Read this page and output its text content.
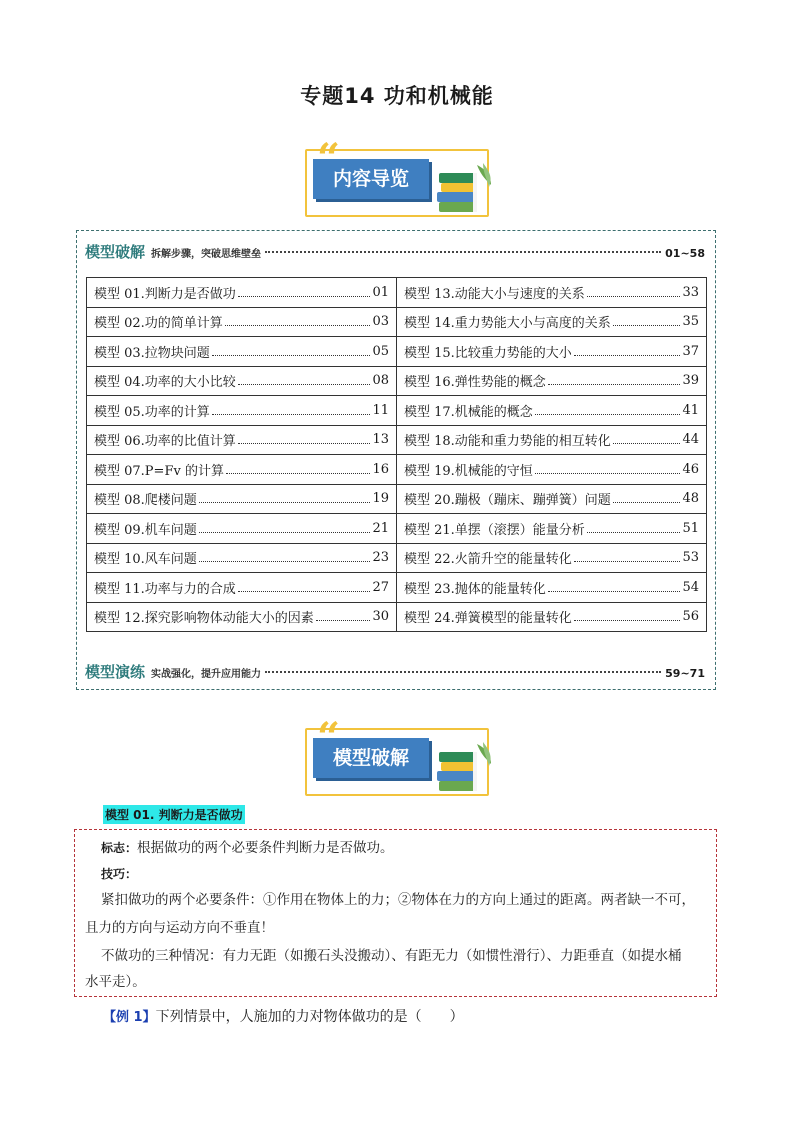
专题14 功和机械能
内容导览
模型破解 拆解步骤，突破思维壁垒	01~58
模型 01.判断力是否做功 01	模型 13.动能大小与速度的关系 33

模型 02.功的简单计算 03	模型 14.重力势能大小与高度的关系 35

模型 03.拉物块问题 05	模型 15.比较重力势能的大小 37

模型 04.功率的大小比较 08	模型 16.弹性势能的概念 39

模型 05.功率的计算 11	模型 17.机械能的概念 41

模型 06.功率的比值计算 13	模型 18.动能和重力势能的相互转化 44

模型 07.P=Fv 的计算 16	模型 19.机械能的守恒 46

模型 08.爬楼问题 19	模型 20.蹦极（蹦床、蹦弹簧）问题 48

模型 09.机车问题 21	模型 21.单摆（滚摆）能量分析 51

模型 10.风车问题 23	模型 22.火箭升空的能量转化 53

模型 11.功率与力的合成 27	模型 23.抛体的能量转化 54

模型 12.探究影响物体动能大小的因素 30	模型 24.弹簧模型的能量转化 56
模型演练 实战强化，提升应用能力	59~71
模型破解
模型 01. 判断力是否做功

标志：根据做功的两个必要条件判断力是否做功。

技巧：

紧扣做功的两个必要条件：①作用在物体上的力；②物体在力的方向上通过的距离。两者缺一不可，

且力的方向与运动方向不垂直！

不做功的三种情况：有力无距（如搬石头没搬动）、有距无力（如惯性滑行）、力距垂直（如提水桶

水平走）。

【例 1】下列情景中，人施加的力对物体做功的是（　　）
